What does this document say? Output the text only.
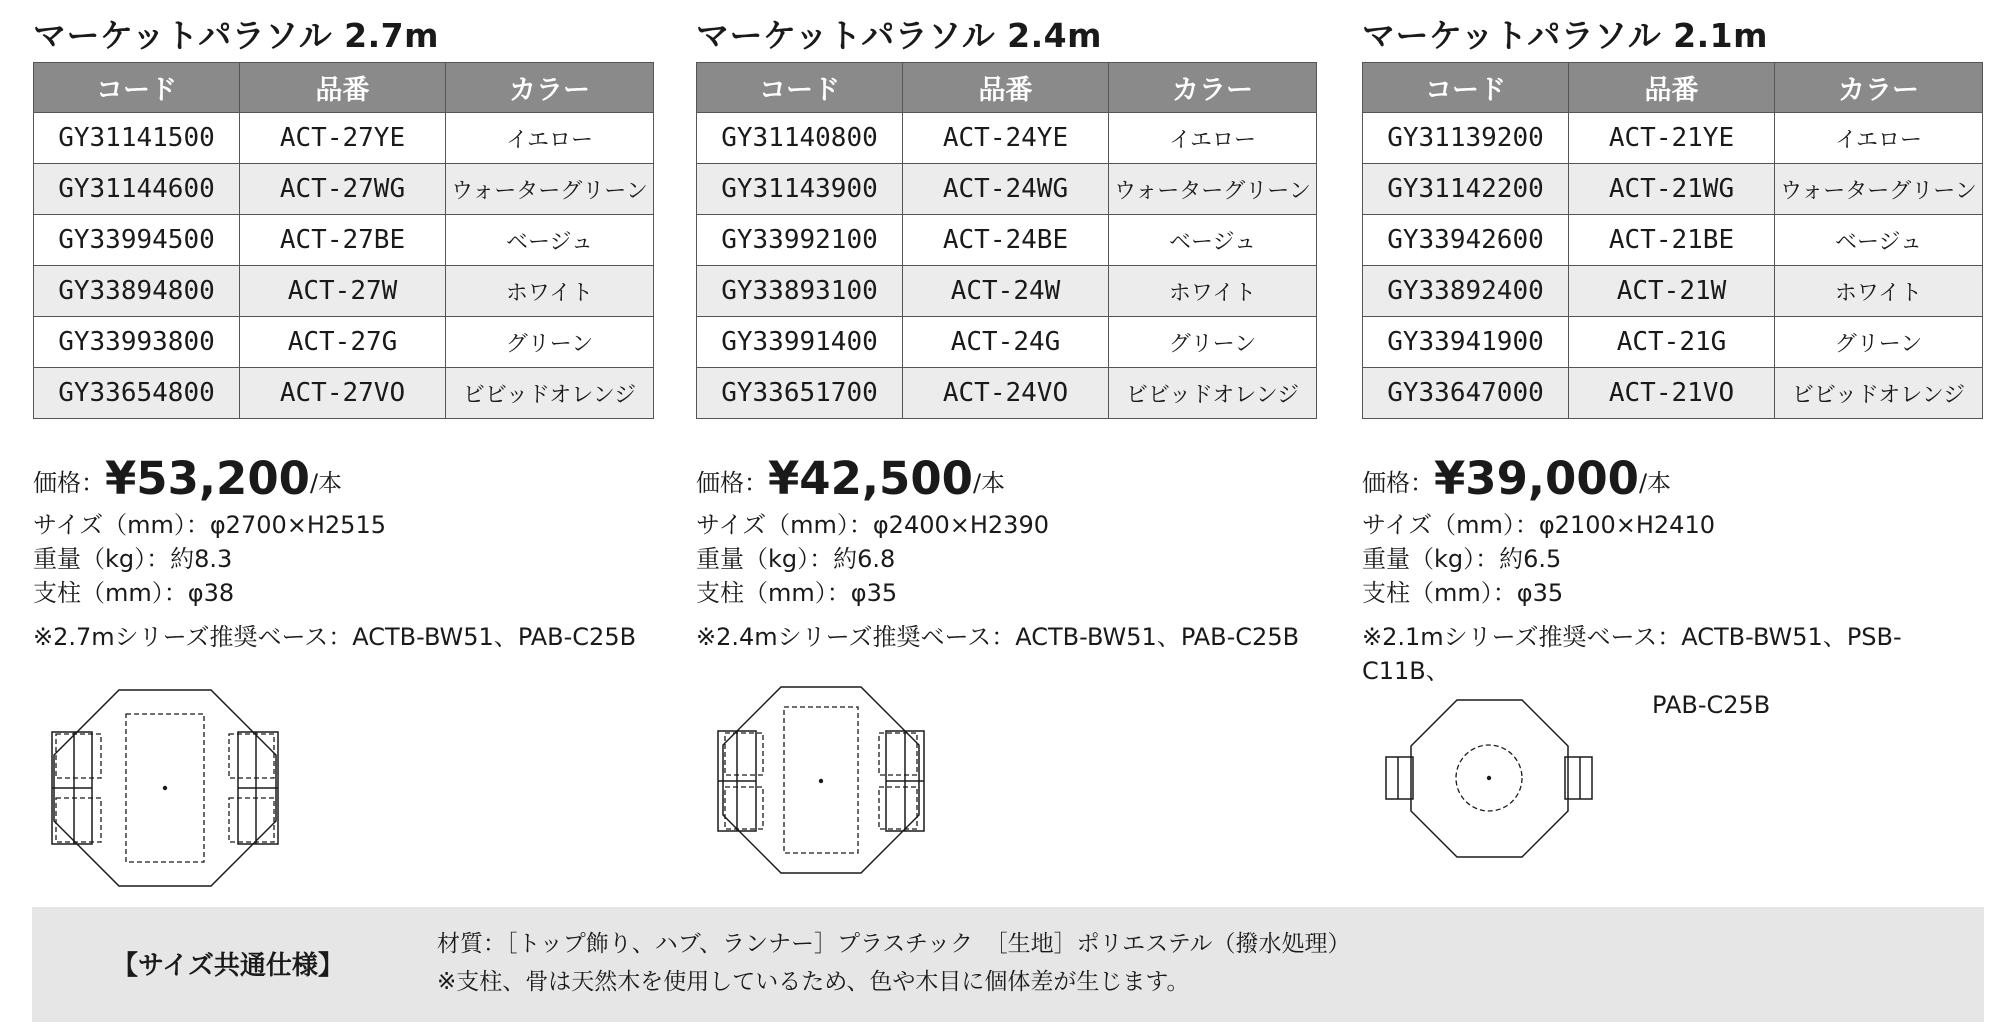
マーケットパラソル 2.7m
コード	品番	カラー
GY31141500	ACT-27YE	イエロー
GY31144600	ACT-27WG	ウォーターグリーン
GY33994500	ACT-27BE	ベージュ
GY33894800	ACT-27W	ホワイト
GY33993800	ACT-27G	グリーン
GY33654800	ACT-27VO	ビビッドオレンジ
価格：¥53,200/本
サイズ（mm）：φ2700×H2515
重量（kg）：約8.3
支柱（mm）：φ38
※2.7mシリーズ推奨ベース：ACTB-BW51、PAB-C25B
マーケットパラソル 2.4m
コード	品番	カラー
GY31140800	ACT-24YE	イエロー
GY31143900	ACT-24WG	ウォーターグリーン
GY33992100	ACT-24BE	ベージュ
GY33893100	ACT-24W	ホワイト
GY33991400	ACT-24G	グリーン
GY33651700	ACT-24VO	ビビッドオレンジ
価格：¥42,500/本
サイズ（mm）：φ2400×H2390
重量（kg）：約6.8
支柱（mm）：φ35
※2.4mシリーズ推奨ベース：ACTB-BW51、PAB-C25B
マーケットパラソル 2.1m
コード	品番	カラー
GY31139200	ACT-21YE	イエロー
GY31142200	ACT-21WG	ウォーターグリーン
GY33942600	ACT-21BE	ベージュ
GY33892400	ACT-21W	ホワイト
GY33941900	ACT-21G	グリーン
GY33647000	ACT-21VO	ビビッドオレンジ
価格：¥39,000/本
サイズ（mm）：φ2100×H2410
重量（kg）：約6.5
支柱（mm）：φ35
※2.1mシリーズ推奨ベース：ACTB-BW51、PSB-C11B、
PAB-C25B
【サイズ共通仕様】
材質：［トップ飾り、ハブ、ランナー］プラスチック　［生地］ポリエステル（撥水処理）
※支柱、骨は天然木を使用しているため、色や木目に個体差が生じます。
